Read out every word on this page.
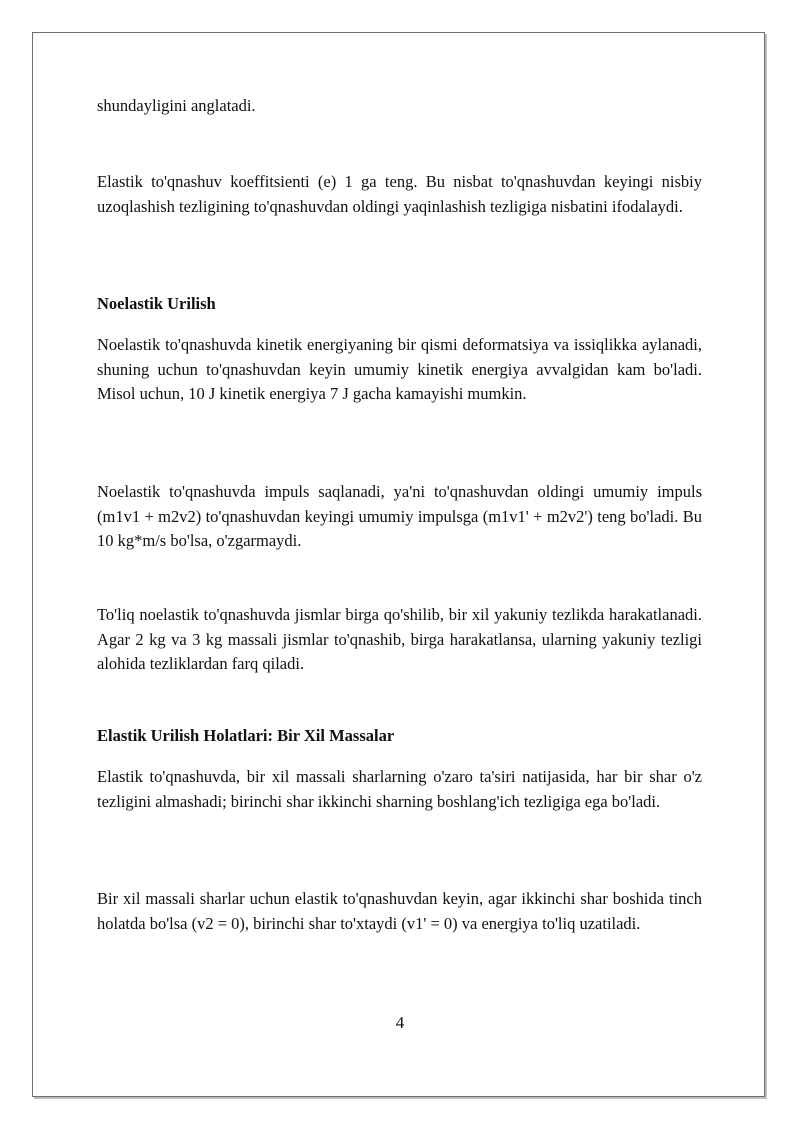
shundayligini anglatadi.

Elastik to'qnashuv koeffitsienti (e) 1 ga teng. Bu nisbat to'qnashuvdan keyingi nisbiy uzoqlashish tezligining to'qnashuvdan oldingi yaqinlashish tezligiga nisbatini ifodalaydi.

Noelastik Urilish

Noelastik to'qnashuvda kinetik energiyaning bir qismi deformatsiya va issiqlikka aylanadi, shuning uchun to'qnashuvdan keyin umumiy kinetik energiya avvalgidan kam bo'ladi. Misol uchun, 10 J kinetik energiya 7 J gacha kamayishi mumkin.

Noelastik to'qnashuvda impuls saqlanadi, ya'ni to'qnashuvdan oldingi umumiy impuls (m1v1 + m2v2) to'qnashuvdan keyingi umumiy impulsga (m1v1' + m2v2') teng bo'ladi. Bu 10 kg*m/s bo'lsa, o'zgarmaydi.

To'liq noelastik to'qnashuvda jismlar birga qo'shilib, bir xil yakuniy tezlikda harakatlanadi. Agar 2 kg va 3 kg massali jismlar to'qnashib, birga harakatlansa, ularning yakuniy tezligi alohida tezliklardan farq qiladi.

Elastik Urilish Holatlari: Bir Xil Massalar

Elastik to'qnashuvda, bir xil massali sharlarning o'zaro ta'siri natijasida, har bir shar o'z tezligini almashadi; birinchi shar ikkinchi sharning boshlang'ich tezligiga ega bo'ladi.

Bir xil massali sharlar uchun elastik to'qnashuvdan keyin, agar ikkinchi shar boshida tinch holatda bo'lsa (v2 = 0), birinchi shar to'xtaydi (v1' = 0) va energiya to'liq uzatiladi.

4
